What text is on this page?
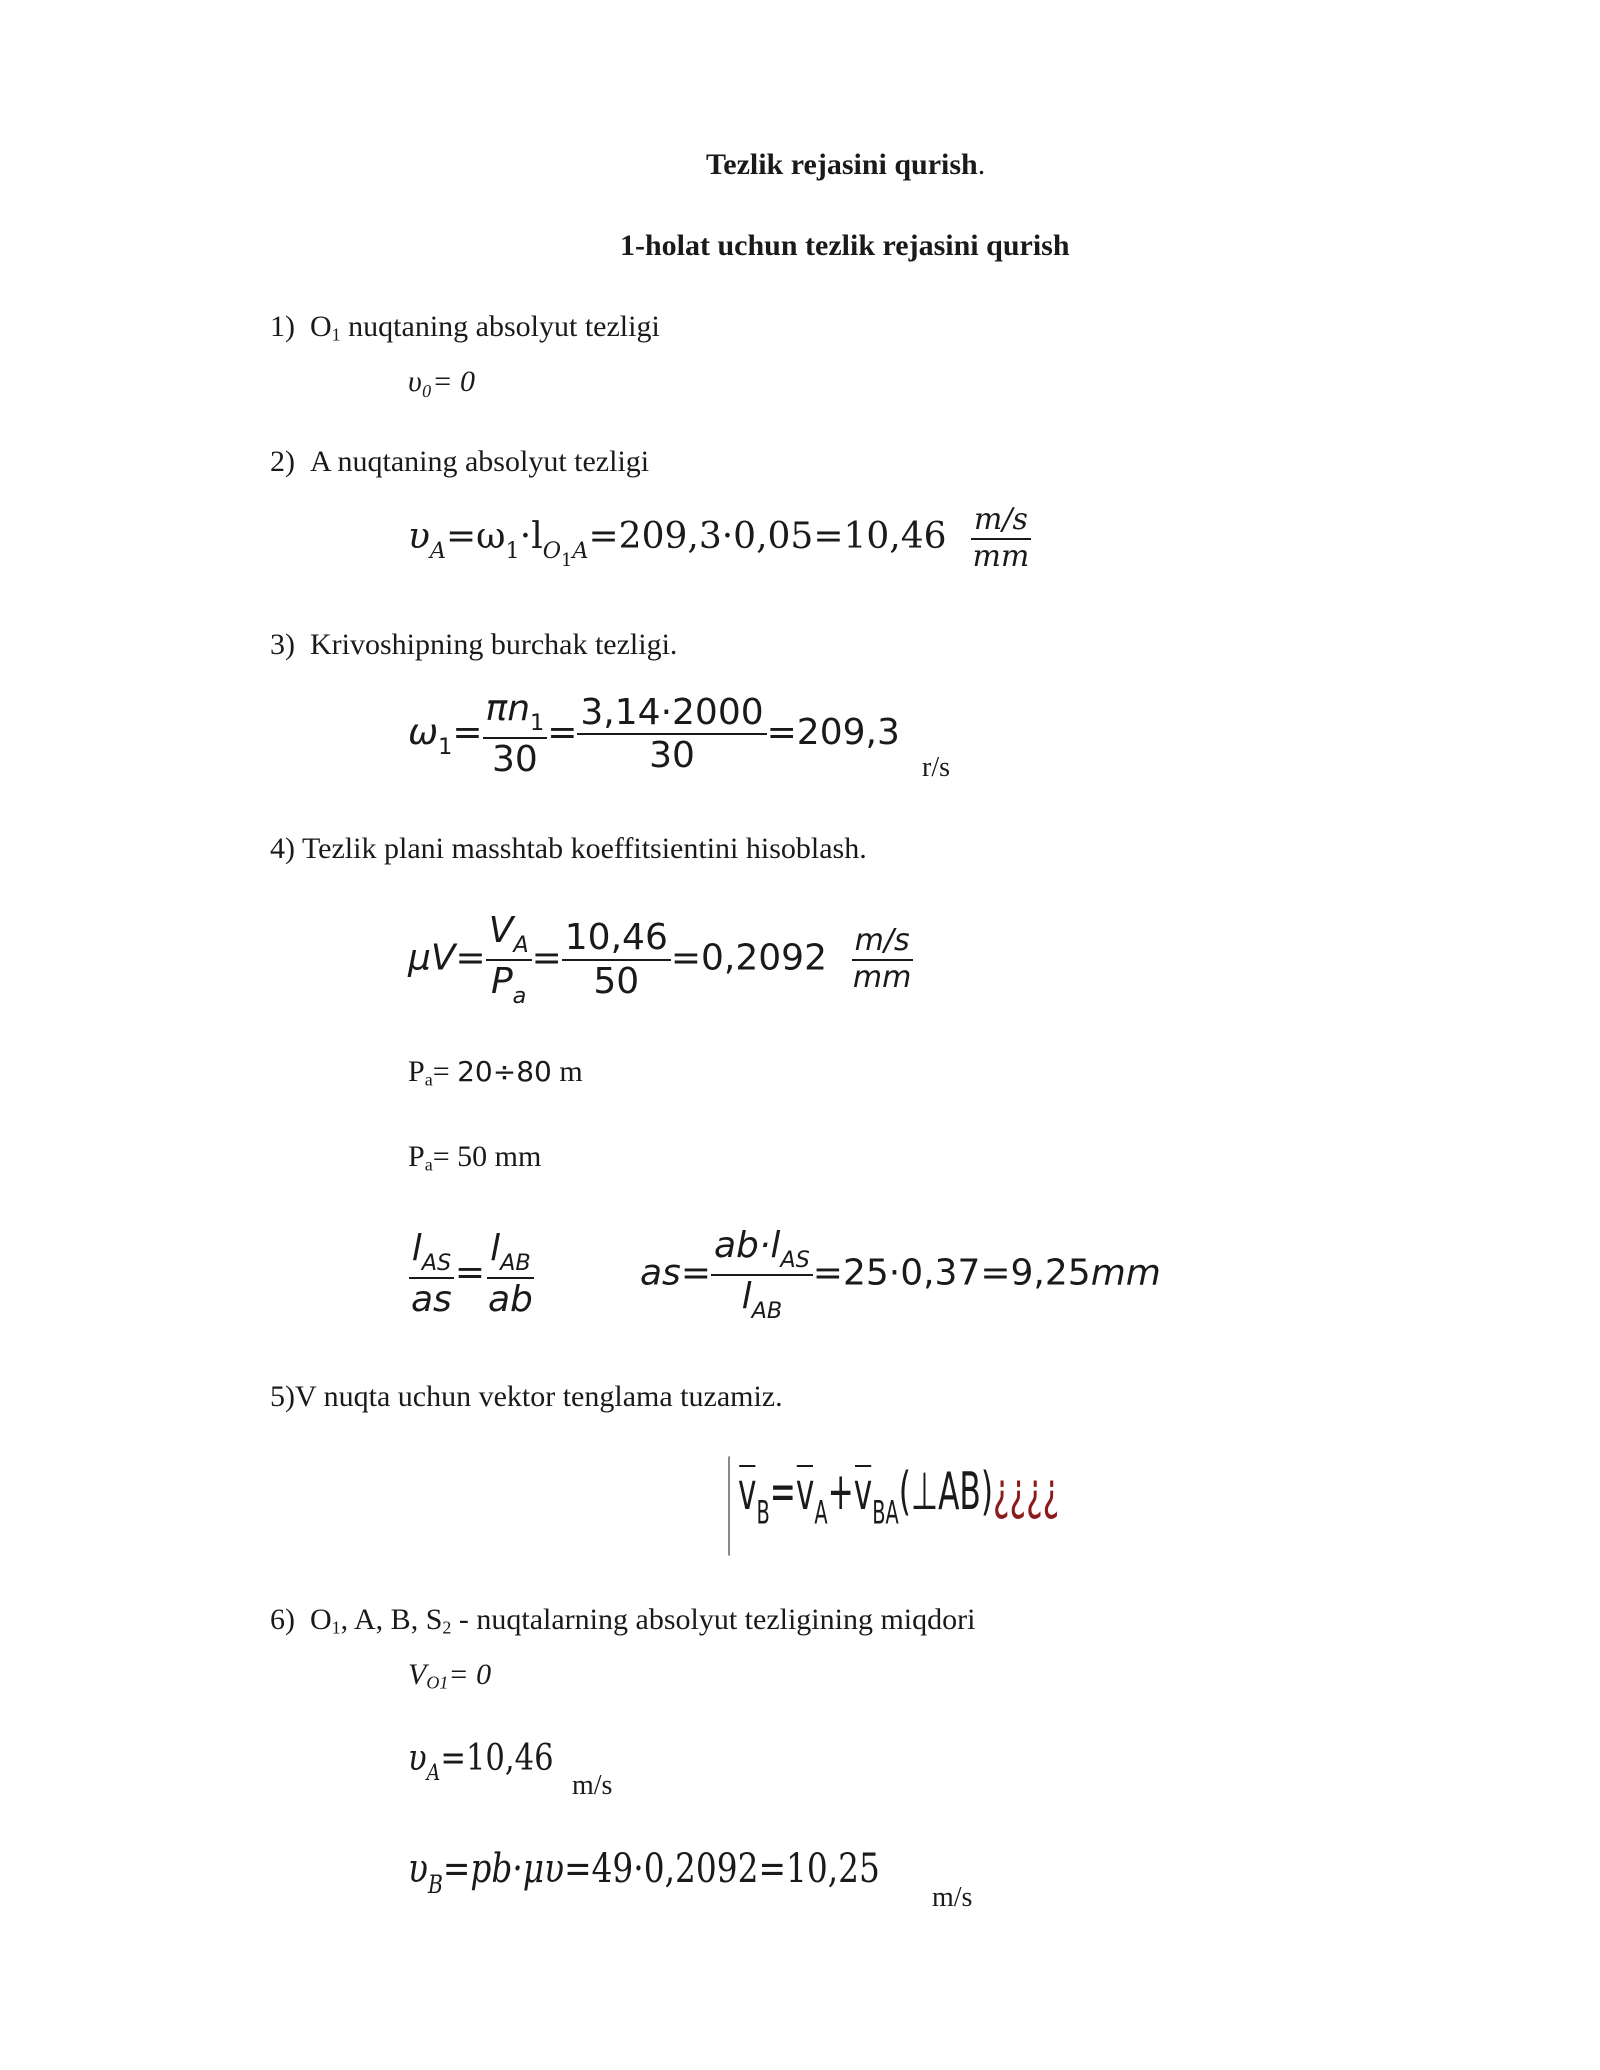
Tezlik rejasini qurish.
1-holat uchun tezlik rejasini qurish
1) $O_1$ nuqtaning absolyut tezligi
υ₀= 0
2) A nuqtaning absolyut tezligi
$\upsilon_A=\omega_1\cdot l_{O_1A}=209,3\cdot 0,05=10,46 \frac{m/s}{mm}$
3) Krivoshipning burchak tezligi.
$\omega_1= \frac{\pi n_1}{30} = \frac{3,14\cdot 2000}{30} =209,3$
r/s
4) Tezlik plani masshtab koeffitsientini hisoblash.
$\mu V= \frac{V_A}{P_a} = \frac{10,46}{50} =0,2092 \frac{m/s}{mm}$
$P_a= 20\div 80$ m
$P_a= 50$ mm
$\frac{l_{AS}}{as} = \frac{l_{AB}}{ab}$	$as= \frac{ab\cdot l_{AS}}{l_{AB}} =25\cdot 0,37=9,25mm$
5)V nuqta uchun vektor tenglama tuzamiz.
$v_B=v_A+v_{BA}(\perp AB)¿¿¿¿$
6) $O_1$, A, B, $S_2$ - nuqtalarning absolyut tezligining miqdori
$V_{O1}= 0$
$\upsilon_A=10,46$
m/s
$\upsilon_B=pb\cdot\mu\upsilon=49\cdot 0,2092=10,25$
m/s
